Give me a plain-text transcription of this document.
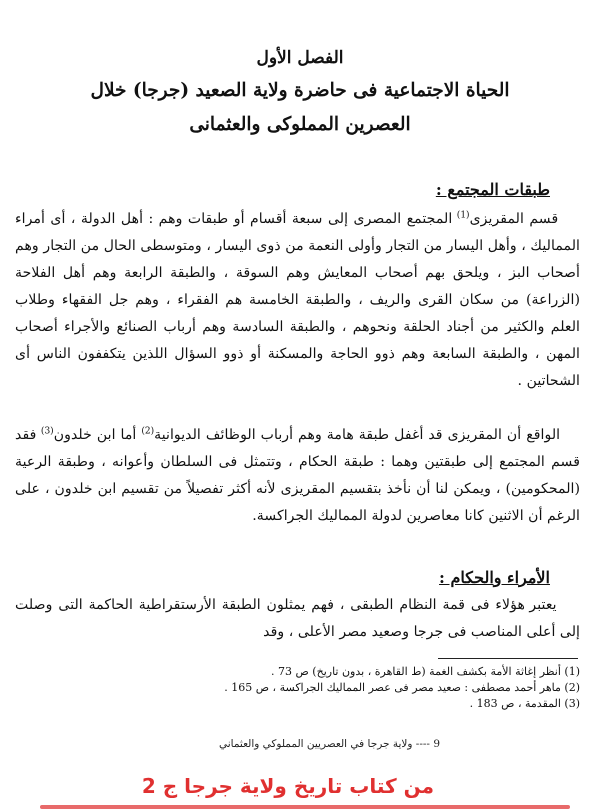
الفصل الأول

الحياة الاجتماعية فى حاضرة ولاية الصعيد (جرجا) خلال

العصرين المملوكى والعثمانى

طبقات المجتمع :

قسم المقريزى$^{(1)}$ المجتمع المصرى إلى سبعة أقسام أو طبقات وهم : أهل الدولة ، أى أمراء المماليك ، وأهل اليسار من التجار وأولى النعمة من ذوى اليسار ، ومتوسطى الحال من التجار وهم أصحاب البز ، ويلحق بهم أصحاب المعايش وهم السوقة ، والطبقة الرابعة وهم أهل الفلاحة (الزراعة) من سكان القرى والريف ، والطبقة الخامسة هم الفقراء ، وهم جل الفقهاء وطلاب العلم والكثير من أجناد الحلقة ونحوهم ، والطبقة السادسة وهم أرباب الصنائع والأجراء أصحاب المهن ، والطبقة السابعة وهم ذوو الحاجة والمسكنة أو ذوو السؤال اللذين يتكففون الناس أى الشحاتين .

الواقع أن المقريزى قد أغفل طبقة هامة وهم أرباب الوظائف الديوانية$^{(2)}$ أما ابن خلدون$^{(3)}$ فقد قسم المجتمع إلى طبقتين وهما : طبقة الحكام ، وتتمثل فى السلطان وأعوانه ، وطبقة الرعية (المحكومين) ، ويمكن لنا أن نأخذ بتقسيم المقريزى لأنه أكثر تفصيلاً من تقسيم ابن خلدون ، على الرغم أن الاثنين كانا معاصرين لدولة المماليك الجراكسة.

الأمراء والحكام :

يعتبر هؤلاء فى قمة النظام الطبقى ، فهم يمثلون الطبقة الأرستقراطية الحاكمة التى وصلت إلى أعلى المناصب فى جرجا وصعيد مصر الأعلى ، وقد

(1) أنظر إغاثة الأمة بكشف الغمة (ط القاهرة ، بدون تاريخ) ص 73 .
(2) ماهر أحمد مصطفى : صعيد مصر فى عصر المماليك الجراكسة ، ص 165 .
(3) المقدمة ، ص 183 .
9 ---- ولاية جرجا في العصريين المملوكي والعثماني
من كتاب تاريخ ولاية جرجا ج 2
